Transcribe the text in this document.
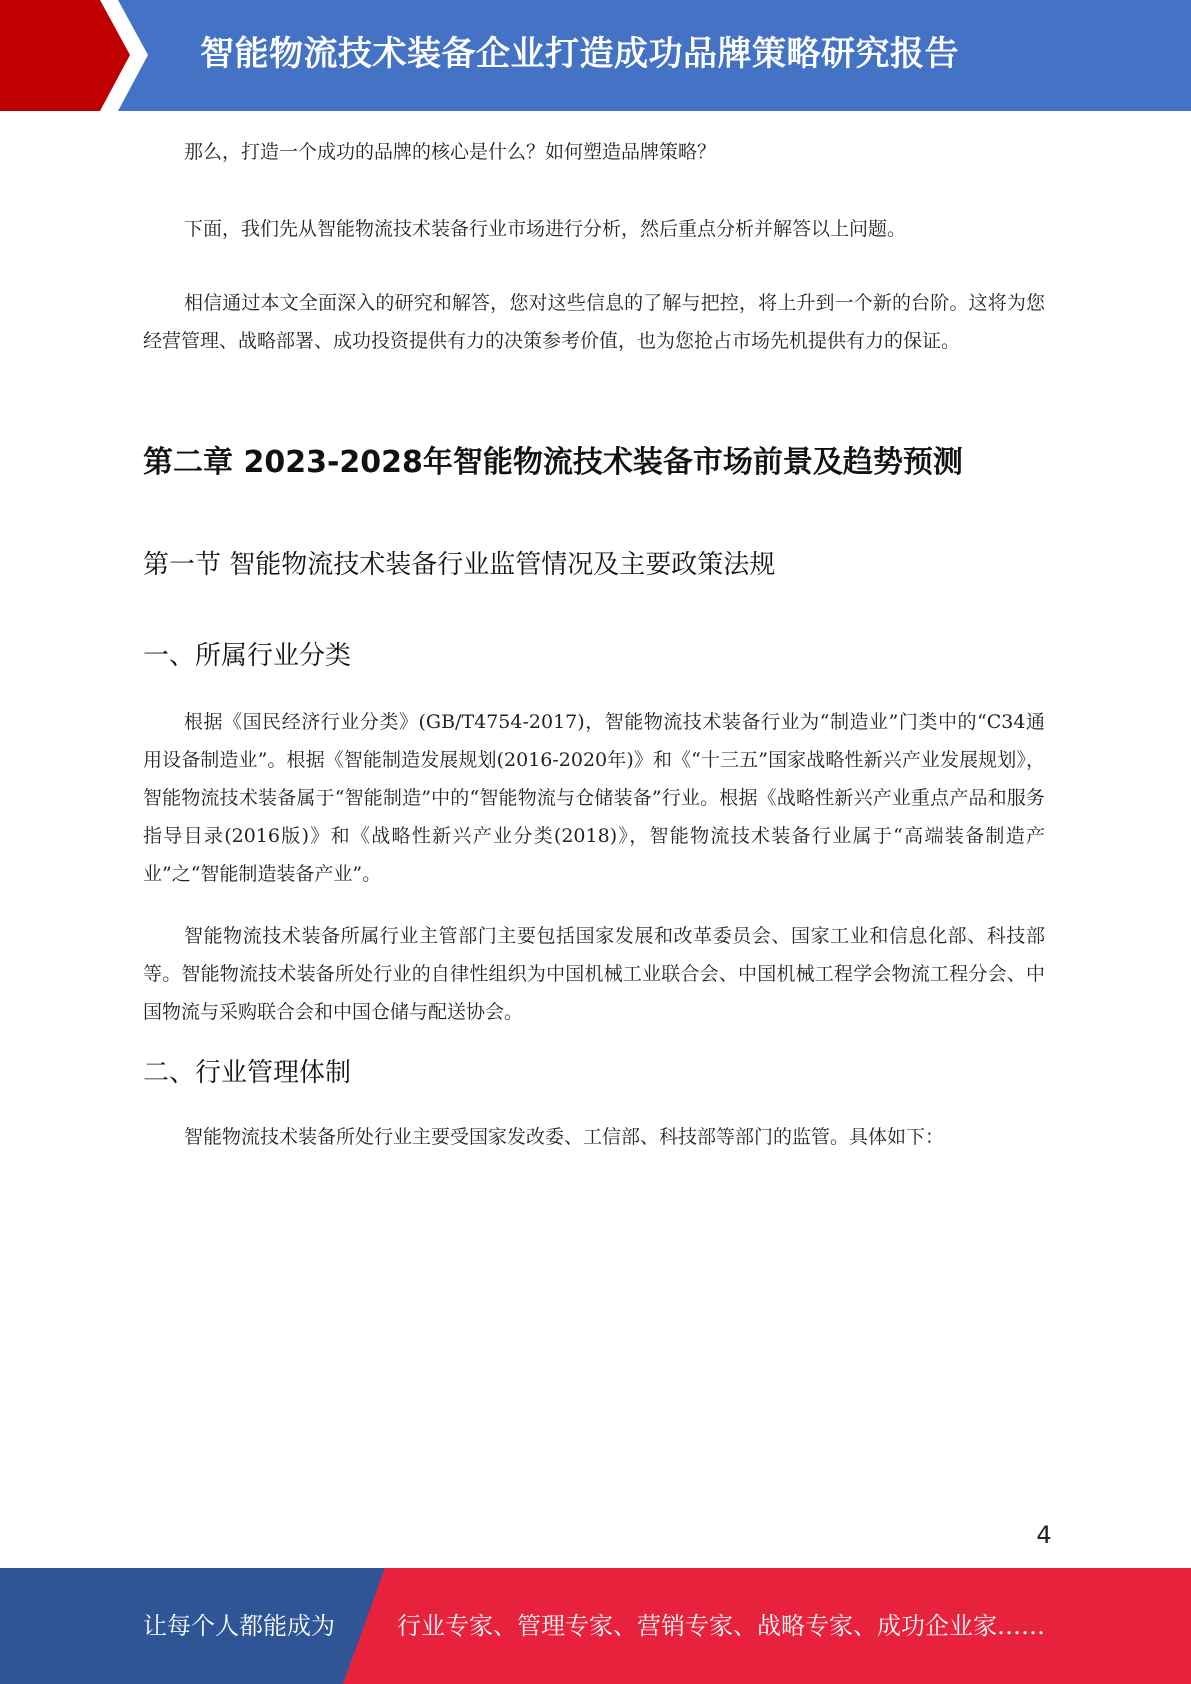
智能物流技术装备企业打造成功品牌策略研究报告
那么，打造一个成功的品牌的核心是什么？如何塑造品牌策略？
下面，我们先从智能物流技术装备行业市场进行分析，然后重点分析并解答以上问题。
相信通过本文全面深入的研究和解答，您对这些信息的了解与把控，将上升到一个新的台阶。这将为您经营管理、战略部署、成功投资提供有力的决策参考价值，也为您抢占市场先机提供有力的保证。
第二章 2023-2028年智能物流技术装备市场前景及趋势预测
第一节 智能物流技术装备行业监管情况及主要政策法规
一、所属行业分类
根据《国民经济行业分类》(GB/T4754-2017)，智能物流技术装备行业为“制造业”门类中的“C34通用设备制造业”。根据《智能制造发展规划(2016-2020年)》和《“十三五”国家战略性新兴产业发展规划》，智能物流技术装备属于“智能制造”中的“智能物流与仓储装备”行业。根据《战略性新兴产业重点产品和服务指导目录(2016版)》和《战略性新兴产业分类(2018)》，智能物流技术装备行业属于“高端装备制造产业”之“智能制造装备产业”。
智能物流技术装备所属行业主管部门主要包括国家发展和改革委员会、国家工业和信息化部、科技部等。智能物流技术装备所处行业的自律性组织为中国机械工业联合会、中国机械工程学会物流工程分会、中国物流与采购联合会和中国仓储与配送协会。
二、行业管理体制
智能物流技术装备所处行业主要受国家发改委、工信部、科技部等部门的监管。具体如下：
4
让每个人都能成为	行业专家、管理专家、营销专家、战略专家、成功企业家……
